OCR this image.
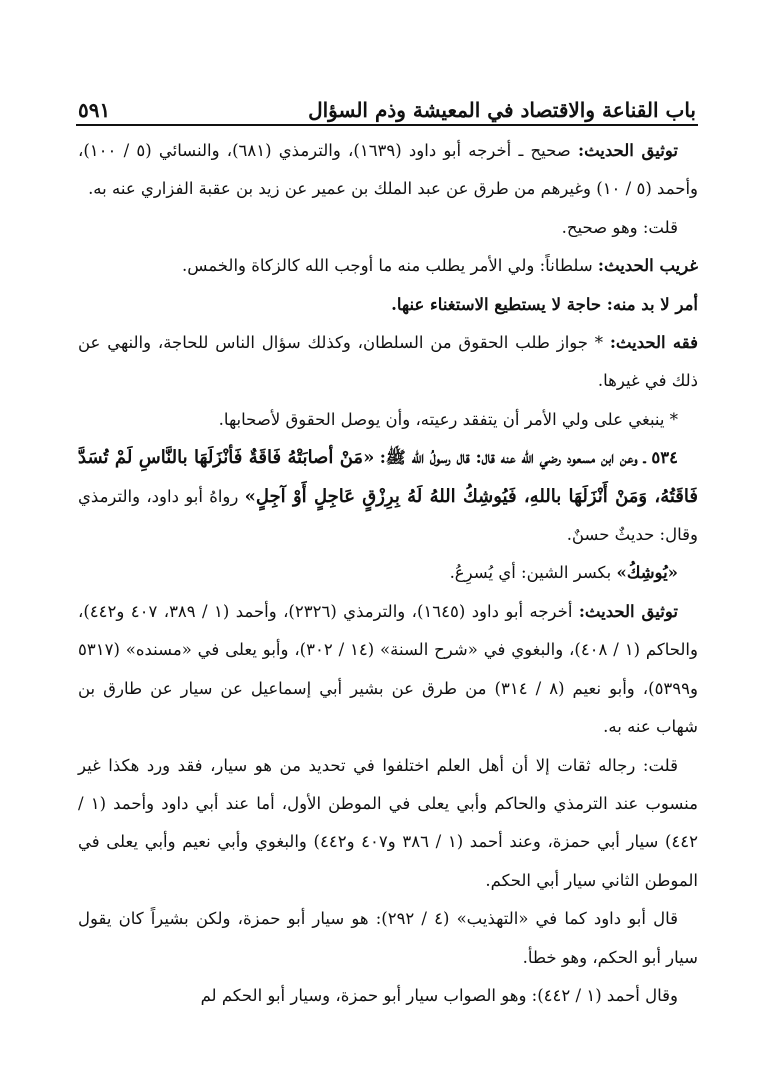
باب القناعة والاقتصاد في المعيشة وذم السؤال
٥٩١

توثيق الحديث: صحيح ـ أخرجه أبو داود (١٦٣٩)، والترمذي (٦٨١)، والنسائي (٥ / ١٠٠)، وأحمد (٥ / ١٠) وغيرهم من طرق عن عبد الملك بن عمير عن زيد بن عقبة الفزاري عنه به.

قلت: وهو صحيح.

غريب الحديث: سلطاناً: ولي الأمر يطلب منه ما أوجب الله كالزكاة والخمس.

أمر لا بد منه: حاجة لا يستطيع الاستغناء عنها.

فقه الحديث: * جواز طلب الحقوق من السلطان، وكذلك سؤال الناس للحاجة، والنهي عن ذلك في غيرها.

* ينبغي على ولي الأمر أن يتفقد رعيته، وأن يوصل الحقوق لأصحابها.

٥٣٤ ـ وعن ابن مسعود رضي الله عنه قال: قال رسولُ الله ﷺ: «مَنْ أصابَتْهُ فَاقَةٌ فَأنْزَلَهَا بالنَّاسِ لَمْ تُسَدَّ فَاقَتُهُ، وَمَنْ أَنْزَلَهَا باللهِ، فَيُوشِكُ اللهُ لَهُ بِرِزْقٍ عَاجِلٍ أَوْ آجِلٍ» رواهُ أبو داود، والترمذي وقال: حديثٌ حسنٌ.

«يُوشِكُ» بكسر الشين: أي يُسرِعُ.

توثيق الحديث: أخرجه أبو داود (١٦٤٥)، والترمذي (٢٣٢٦)، وأحمد (١ / ٣٨٩، ٤٠٧ و٤٤٢)، والحاكم (١ / ٤٠٨)، والبغوي في «شرح السنة» (١٤ / ٣٠٢)، وأبو يعلى في «مسنده» (٥٣١٧ و٥٣٩٩)، وأبو نعيم (٨ / ٣١٤) من طرق عن بشير أبي إسماعيل عن سيار عن طارق بن شهاب عنه به.

قلت: رجاله ثقات إلا أن أهل العلم اختلفوا في تحديد من هو سيار، فقد ورد هكذا غير منسوب عند الترمذي والحاكم وأبي يعلى في الموطن الأول، أما عند أبي داود وأحمد (١ / ٤٤٢) سيار أبي حمزة، وعند أحمد (١ / ٣٨٦ و٤٠٧ و٤٤٢) والبغوي وأبي نعيم وأبي يعلى في الموطن الثاني سيار أبي الحكم.

قال أبو داود كما في «التهذيب» (٤ / ٢٩٢): هو سيار أبو حمزة، ولكن بشيراً كان يقول سيار أبو الحكم، وهو خطأ.

وقال أحمد (١ / ٤٤٢): وهو الصواب سيار أبو حمزة، وسيار أبو الحكم لم
